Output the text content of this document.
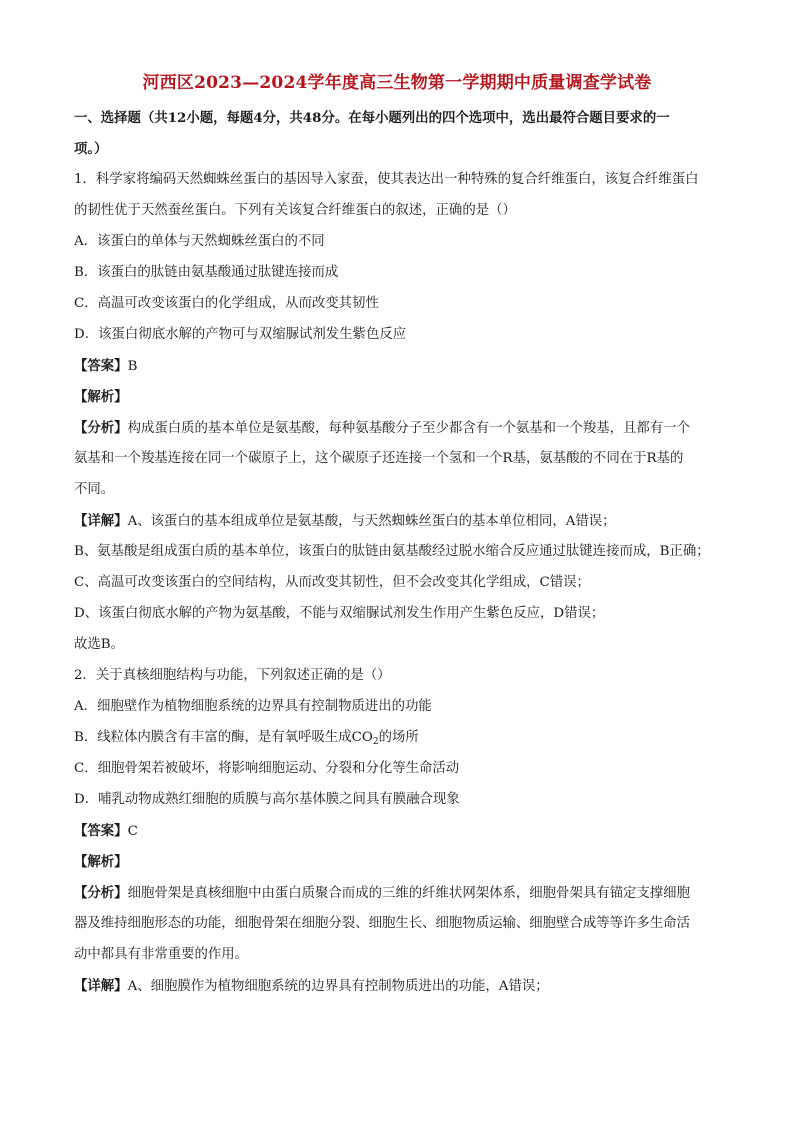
河西区2023—2024学年度高三生物第一学期期中质量调查学试卷
一、选择题（共12小题，每题4分，共48分。在每小题列出的四个选项中，选出最符合题目要求的一
项。）
1．科学家将编码天然蜘蛛丝蛋白的基因导入家蚕，使其表达出一种特殊的复合纤维蛋白，该复合纤维蛋白
的韧性优于天然蚕丝蛋白。下列有关该复合纤维蛋白的叙述，正确的是（）
A．该蛋白的单体与天然蜘蛛丝蛋白的不同
B．该蛋白的肽链由氨基酸通过肽键连接而成
C．高温可改变该蛋白的化学组成，从而改变其韧性
D．该蛋白彻底水解的产物可与双缩脲试剂发生紫色反应
【答案】B
【解析】
【分析】构成蛋白质的基本单位是氨基酸，每种氨基酸分子至少都含有一个氨基和一个羧基，且都有一个
氨基和一个羧基连接在同一个碳原子上，这个碳原子还连接一个氢和一个R基，氨基酸的不同在于R基的
不同。
【详解】A、该蛋白的基本组成单位是氨基酸，与天然蜘蛛丝蛋白的基本单位相同，A错误；
B、氨基酸是组成蛋白质的基本单位，该蛋白的肽链由氨基酸经过脱水缩合反应通过肽键连接而成，B正确；
C、高温可改变该蛋白的空间结构，从而改变其韧性，但不会改变其化学组成，C错误；
D、该蛋白彻底水解的产物为氨基酸，不能与双缩脲试剂发生作用产生紫色反应，D错误；
故选B。
2．关于真核细胞结构与功能，下列叙述正确的是（）
A．细胞壁作为植物细胞系统的边界具有控制物质进出的功能
B．线粒体内膜含有丰富的酶，是有氧呼吸生成$CO_2$的场所
C．细胞骨架若被破坏，将影响细胞运动、分裂和分化等生命活动
D．哺乳动物成熟红细胞的质膜与高尔基体膜之间具有膜融合现象
【答案】C
【解析】
【分析】细胞骨架是真核细胞中由蛋白质聚合而成的三维的纤维状网架体系，细胞骨架具有锚定支撑细胞
器及维持细胞形态的功能，细胞骨架在细胞分裂、细胞生长、细胞物质运输、细胞壁合成等等许多生命活
动中都具有非常重要的作用。
【详解】A、细胞膜作为植物细胞系统的边界具有控制物质进出的功能，A错误；
